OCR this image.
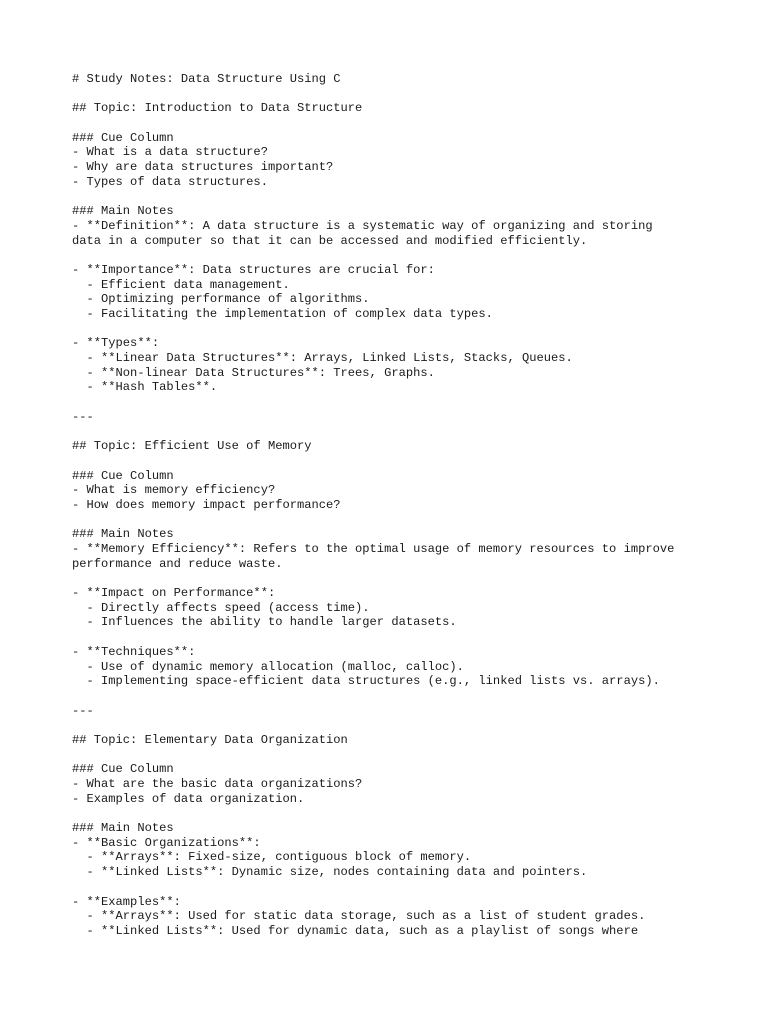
# Study Notes: Data Structure Using C
## Topic: Introduction to Data Structure
### Cue Column
- What is a data structure?
- Why are data structures important?
- Types of data structures.
### Main Notes
- **Definition**: A data structure is a systematic way of organizing and storing
data in a computer so that it can be accessed and modified efficiently.
- **Importance**: Data structures are crucial for:
- Efficient data management.
- Optimizing performance of algorithms.
- Facilitating the implementation of complex data types.
- **Types**:
- **Linear Data Structures**: Arrays, Linked Lists, Stacks, Queues.
- **Non-linear Data Structures**: Trees, Graphs.
- **Hash Tables**.
---
## Topic: Efficient Use of Memory
### Cue Column
- What is memory efficiency?
- How does memory impact performance?
### Main Notes
- **Memory Efficiency**: Refers to the optimal usage of memory resources to improve
performance and reduce waste.
- **Impact on Performance**:
- Directly affects speed (access time).
- Influences the ability to handle larger datasets.
- **Techniques**:
- Use of dynamic memory allocation (malloc, calloc).
- Implementing space-efficient data structures (e.g., linked lists vs. arrays).
---
## Topic: Elementary Data Organization
### Cue Column
- What are the basic data organizations?
- Examples of data organization.
### Main Notes
- **Basic Organizations**:
- **Arrays**: Fixed-size, contiguous block of memory.
- **Linked Lists**: Dynamic size, nodes containing data and pointers.
- **Examples**:
- **Arrays**: Used for static data storage, such as a list of student grades.
- **Linked Lists**: Used for dynamic data, such as a playlist of songs where
